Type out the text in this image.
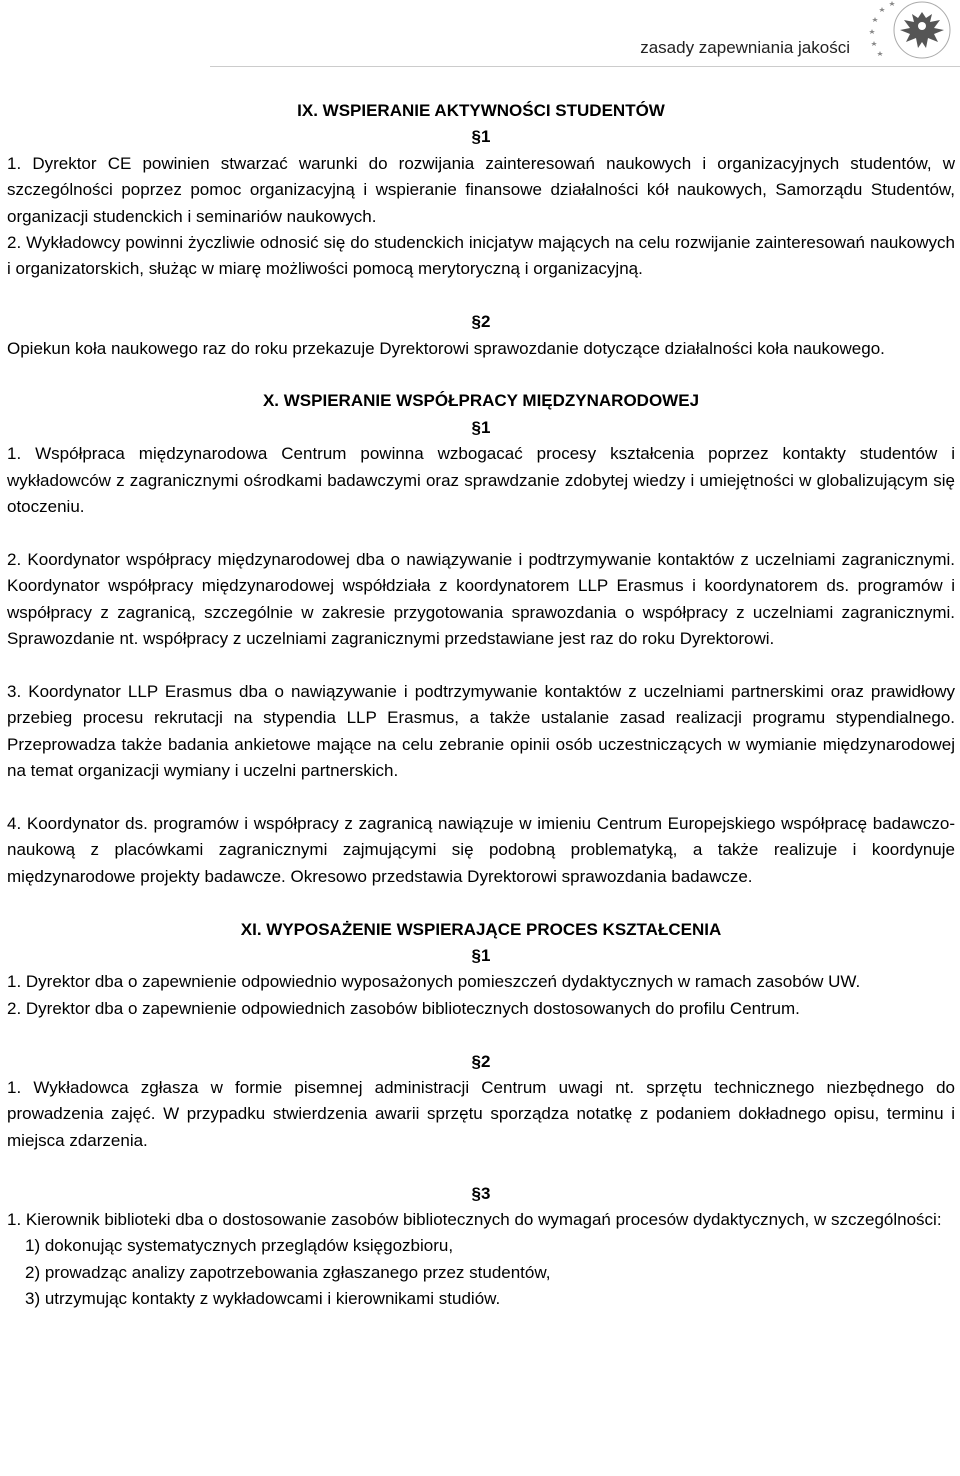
zasady zapewniania jakości
IX. WSPIERANIE AKTYWNOŚCI STUDENTÓW
§1
1. Dyrektor CE powinien stwarzać warunki do rozwijania zainteresowań naukowych i organizacyjnych studentów, w szczególności poprzez pomoc organizacyjną i wspieranie finansowe działalności kół naukowych, Samorządu Studentów, organizacji studenckich i seminariów naukowych.
2. Wykładowcy powinni życzliwie odnosić się do studenckich inicjatyw mających na celu rozwijanie zainteresowań naukowych i organizatorskich, służąc w miarę możliwości pomocą merytoryczną i organizacyjną.
§2
Opiekun koła naukowego raz do roku przekazuje Dyrektorowi sprawozdanie dotyczące działalności koła naukowego.
X. WSPIERANIE WSPÓŁPRACY MIĘDZYNARODOWEJ
§1
1. Współpraca międzynarodowa Centrum powinna wzbogacać procesy kształcenia poprzez kontakty studentów i wykładowców z zagranicznymi ośrodkami badawczymi oraz sprawdzanie zdobytej wiedzy i umiejętności w globalizującym się otoczeniu.
2. Koordynator współpracy międzynarodowej dba o nawiązywanie i podtrzymywanie kontaktów z uczelniami zagranicznymi. Koordynator współpracy międzynarodowej współdziała z koordynatorem LLP Erasmus i koordynatorem ds. programów i współpracy z zagranicą, szczególnie w zakresie przygotowania sprawozdania o współpracy z uczelniami zagranicznymi. Sprawozdanie nt. współpracy z uczelniami zagranicznymi przedstawiane jest raz do roku Dyrektorowi.
3. Koordynator LLP Erasmus dba o nawiązywanie i podtrzymywanie kontaktów z uczelniami partnerskimi oraz prawidłowy przebieg procesu rekrutacji na stypendia LLP Erasmus, a także ustalanie zasad realizacji programu stypendialnego. Przeprowadza także badania ankietowe mające na celu zebranie opinii osób uczestniczących w wymianie międzynarodowej na temat organizacji wymiany i uczelni partnerskich.
4. Koordynator ds. programów i współpracy z zagranicą nawiązuje w imieniu Centrum Europejskiego współpracę badawczo-naukową z placówkami zagranicznymi zajmującymi się podobną problematyką, a także realizuje i koordynuje międzynarodowe projekty badawcze. Okresowo przedstawia Dyrektorowi sprawozdania badawcze.
XI. WYPOSAŻENIE WSPIERAJĄCE PROCES KSZTAŁCENIA
§1
1. Dyrektor dba o zapewnienie odpowiednio wyposażonych pomieszczeń dydaktycznych w ramach zasobów UW.
2. Dyrektor dba o zapewnienie odpowiednich zasobów bibliotecznych dostosowanych do profilu Centrum.
§2
1. Wykładowca zgłasza w formie pisemnej administracji Centrum uwagi nt. sprzętu technicznego niezbędnego do prowadzenia zajęć. W przypadku stwierdzenia awarii sprzętu sporządza notatkę z podaniem dokładnego opisu, terminu i miejsca zdarzenia.
§3
1. Kierownik biblioteki dba o dostosowanie zasobów bibliotecznych do wymagań procesów dydaktycznych, w szczególności:
1) dokonując systematycznych przeglądów księgozbioru,
2) prowadząc analizy zapotrzebowania zgłaszanego przez studentów,
3) utrzymując kontakty z wykładowcami i kierownikami studiów.
